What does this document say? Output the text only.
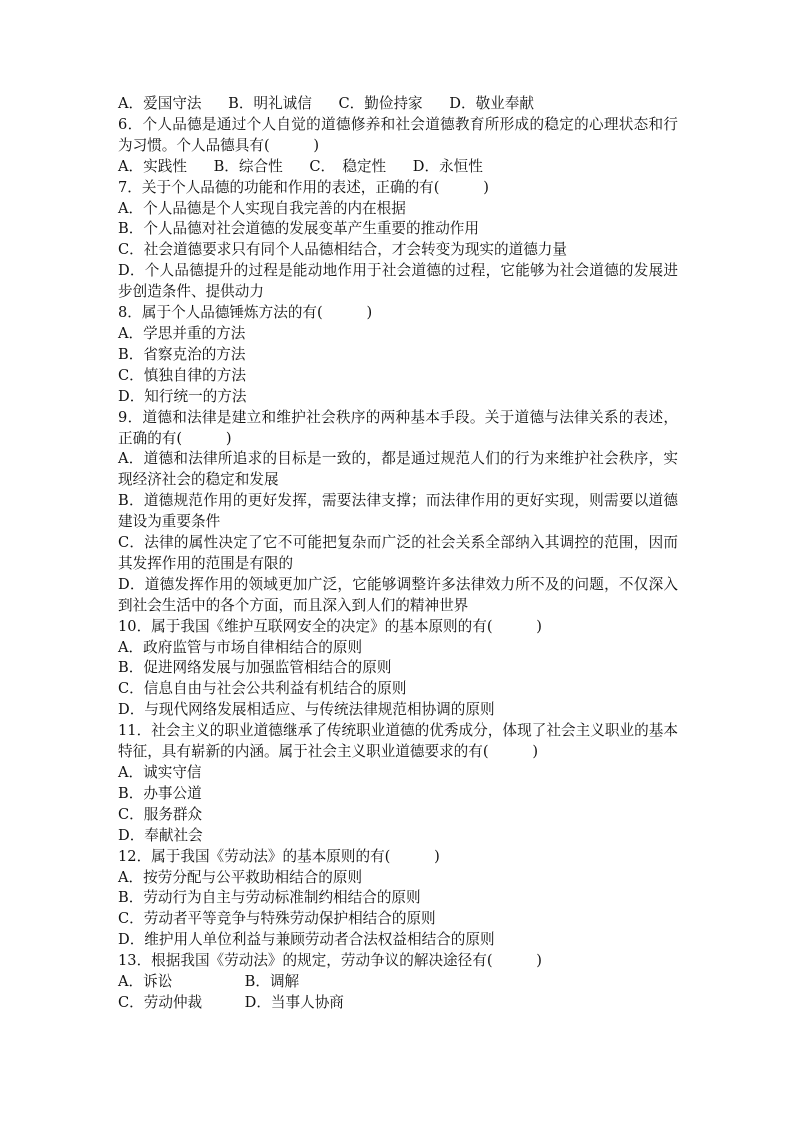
A．爱国守法 B．明礼诚信 C．勤俭持家 D．敬业奉献
6．个人品德是通过个人自觉的道德修养和社会道德教育所形成的稳定的心理状态和行为习惯。个人品德具有(　　　)
A．实践性 B．综合性 C．　稳定性 D．永恒性
7．关于个人品德的功能和作用的表述，正确的有(　　　)
A．个人品德是个人实现自我完善的内在根据
B．个人品德对社会道德的发展变革产生重要的推动作用
C．社会道德要求只有同个人品德相结合，才会转变为现实的道德力量
D．个人品德提升的过程是能动地作用于社会道德的过程，它能够为社会道德的发展进步创造条件、提供动力
8．属于个人品德锤炼方法的有(　　　)
A．学思并重的方法
B．省察克治的方法
C．慎独自律的方法
D．知行统一的方法
9．道德和法律是建立和维护社会秩序的两种基本手段。关于道德与法律关系的表述，正确的有(　　　)
A．道德和法律所追求的目标是一致的，都是通过规范人们的行为来维护社会秩序，实现经济社会的稳定和发展
B．道德规范作用的更好发挥，需要法律支撑；而法律作用的更好实现，则需要以道德建设为重要条件
C．法律的属性决定了它不可能把复杂而广泛的社会关系全部纳入其调控的范围，因而其发挥作用的范围是有限的
D．道德发挥作用的领域更加广泛，它能够调整许多法律效力所不及的问题，不仅深入到社会生活中的各个方面，而且深入到人们的精神世界
10．属于我国《维护互联网安全的决定》的基本原则的有(　　　)
A．政府监管与市场自律相结合的原则
B．促进网络发展与加强监管相结合的原则
C．信息自由与社会公共利益有机结合的原则
D．与现代网络发展相适应、与传统法律规范相协调的原则
11．社会主义的职业道德继承了传统职业道德的优秀成分，体现了社会主义职业的基本特征，具有崭新的内涵。属于社会主义职业道德要求的有(　　　)
A．诚实守信
B．办事公道
C．服务群众
D．奉献社会
12．属于我国《劳动法》的基本原则的有(　　　)
A．按劳分配与公平救助相结合的原则
B．劳动行为自主与劳动标准制约相结合的原则
C．劳动者平等竞争与特殊劳动保护相结合的原则
D．维护用人单位利益与兼顾劳动者合法权益相结合的原则
13．根据我国《劳动法》的规定，劳动争议的解决途径有(　　　)
A．诉讼	B．调解
C．劳动仲裁	D．当事人协商
